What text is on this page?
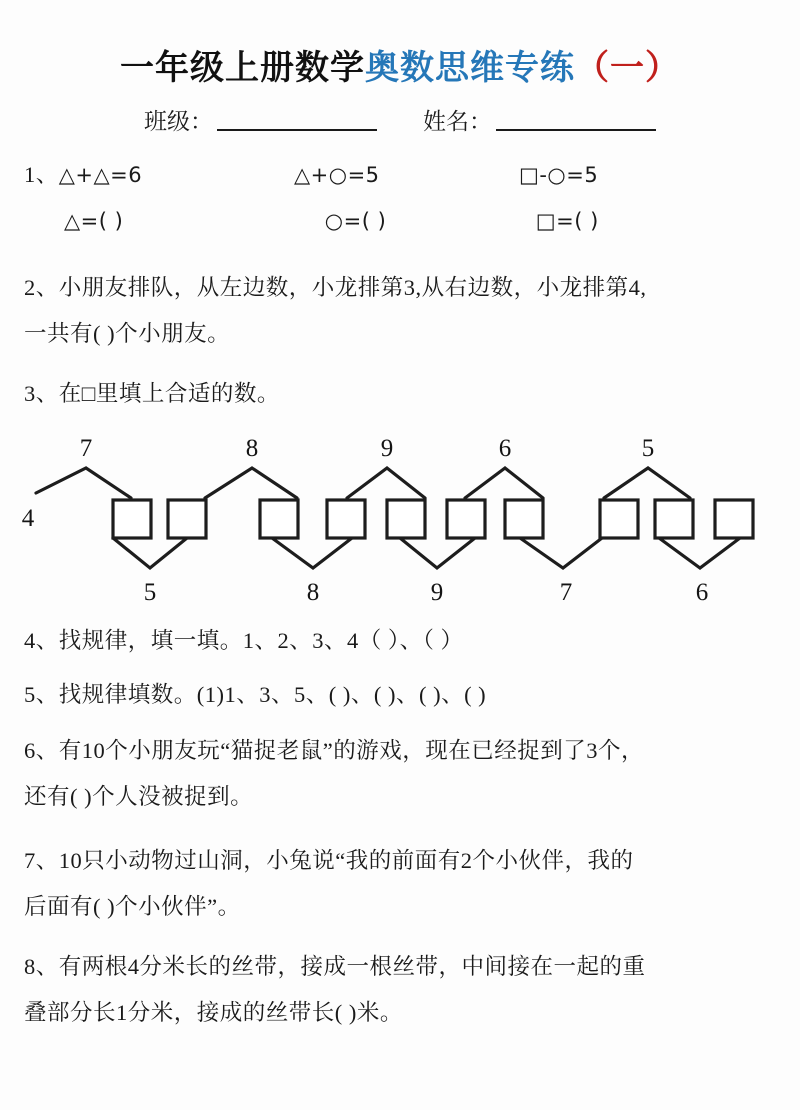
一年级上册数学奥数思维专练（一）
班级：	姓名：
1、△+△=6	△+○=5	□-○=5
△=( )	○=( )	□=( )
2、小朋友排队，从左边数，小龙排第3,从右边数，小龙排第4,
一共有( )个小朋友。
3、在□里填上合适的数。
4
7	8	9	6	5
5	8	9	7	6
4、找规律，填一填。1、2、3、4（ ）、（ ）
5、找规律填数。(1)1、3、5、( )、( )、( )、( )
6、有10个小朋友玩“猫捉老鼠”的游戏，现在已经捉到了3个，
还有( )个人没被捉到。
7、10只小动物过山洞，小兔说“我的前面有2个小伙伴，我的
后面有( )个小伙伴”。
8、有两根4分米长的丝带，接成一根丝带，中间接在一起的重
叠部分长1分米，接成的丝带长( )米。
